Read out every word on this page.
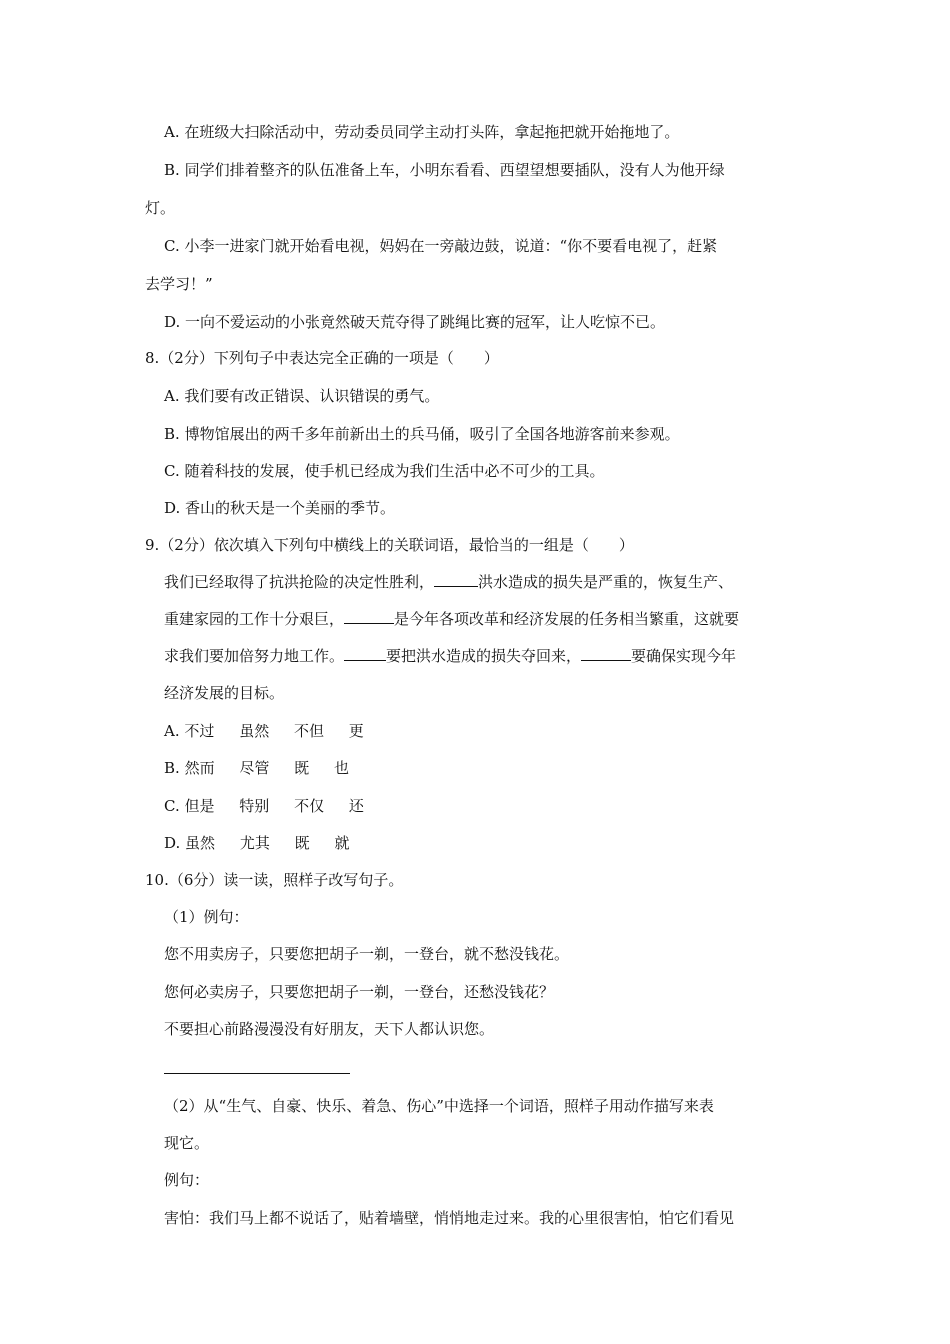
A. 在班级大扫除活动中，劳动委员同学主动打头阵，拿起拖把就开始拖地了。
B. 同学们排着整齐的队伍准备上车，小明东看看、西望望想要插队，没有人为他开绿
灯。
C. 小李一进家门就开始看电视，妈妈在一旁敲边鼓，说道：“你不要看电视了，赶紧
去学习！”
D. 一向不爱运动的小张竟然破天荒夺得了跳绳比赛的冠军，让人吃惊不已。
8.（2分）下列句子中表达完全正确的一项是（　　）
A. 我们要有改正错误、认识错误的勇气。
B. 博物馆展出的两千多年前新出土的兵马俑，吸引了全国各地游客前来参观。
C. 随着科技的发展，使手机已经成为我们生活中必不可少的工具。
D. 香山的秋天是一个美丽的季节。
9.（2分）依次填入下列句中横线上的关联词语，最恰当的一组是（　　）
我们已经取得了抗洪抢险的决定性胜利，	洪水造成的损失是严重的，恢复生产、
重建家园的工作十分艰巨，	是今年各项改革和经济发展的任务相当繁重，这就要
求我们要加倍努力地工作。	要把洪水造成的损失夺回来，	要确保实现今年
经济发展的目标。
A. 不过 虽然 不但 更
B. 然而 尽管 既 也
C. 但是 特别 不仅 还
D. 虽然 尤其 既 就
10.（6分）读一读，照样子改写句子。
（1）例句：
您不用卖房子，只要您把胡子一剃，一登台，就不愁没钱花。
您何必卖房子，只要您把胡子一剃，一登台，还愁没钱花？
不要担心前路漫漫没有好朋友，天下人都认识您。
（2）从“生气、自豪、快乐、着急、伤心”中选择一个词语，照样子用动作描写来表
现它。
例句：
害怕：我们马上都不说话了，贴着墙壁，悄悄地走过来。我的心里很害怕，怕它们看见
